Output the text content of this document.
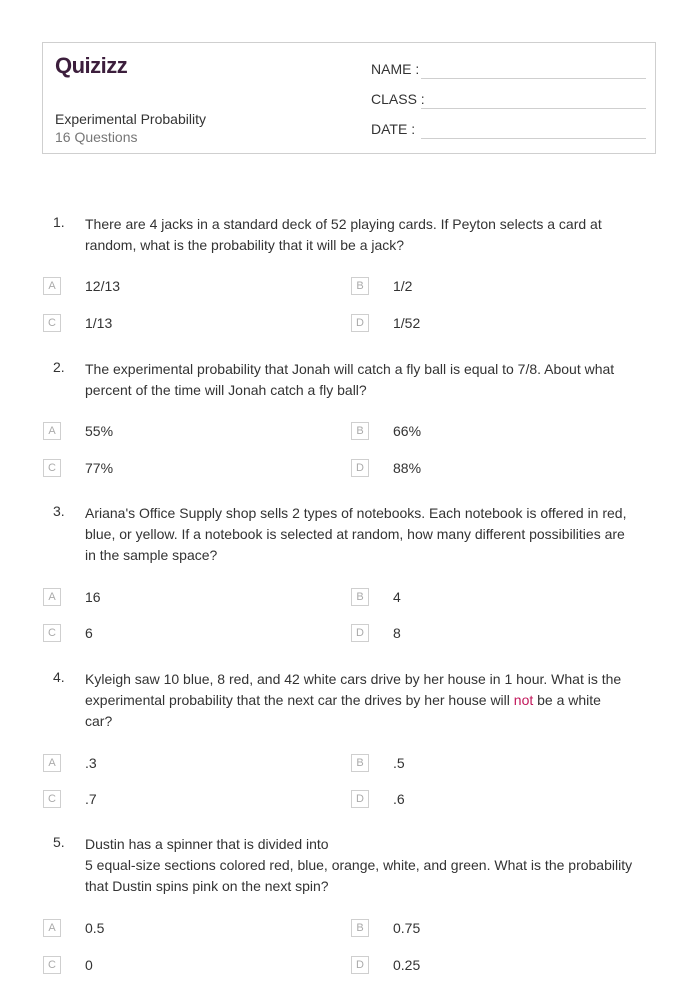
Quizizz
Experimental Probability
16 Questions
NAME :
CLASS :
DATE :
1. There are 4 jacks in a standard deck of 52 playing cards. If Peyton selects a card at
random, what is the probability that it will be a jack?
A	12/13	B	1/2
C	1/13	D	1/52
2. The experimental probability that Jonah will catch a fly ball is equal to 7/8. About what
percent of the time will Jonah catch a fly ball?
A	55%	B	66%
C	77%	D	88%
3. Ariana's Office Supply shop sells 2 types of notebooks. Each notebook is offered in red,
blue, or yellow. If a notebook is selected at random, how many different possibilities are
in the sample space?
A	16	B	4
C	6	D	8
4. Kyleigh saw 10 blue, 8 red, and 42 white cars drive by her house in 1 hour. What is the
experimental probability that the next car the drives by her house will not be a white
car?
A	.3	B	.5
C	.7	D	.6
5. Dustin has a spinner that is divided into
5 equal-size sections colored red, blue, orange, white, and green. What is the probability
that Dustin spins pink on the next spin?
A	0.5	B	0.75
C	0	D	0.25
